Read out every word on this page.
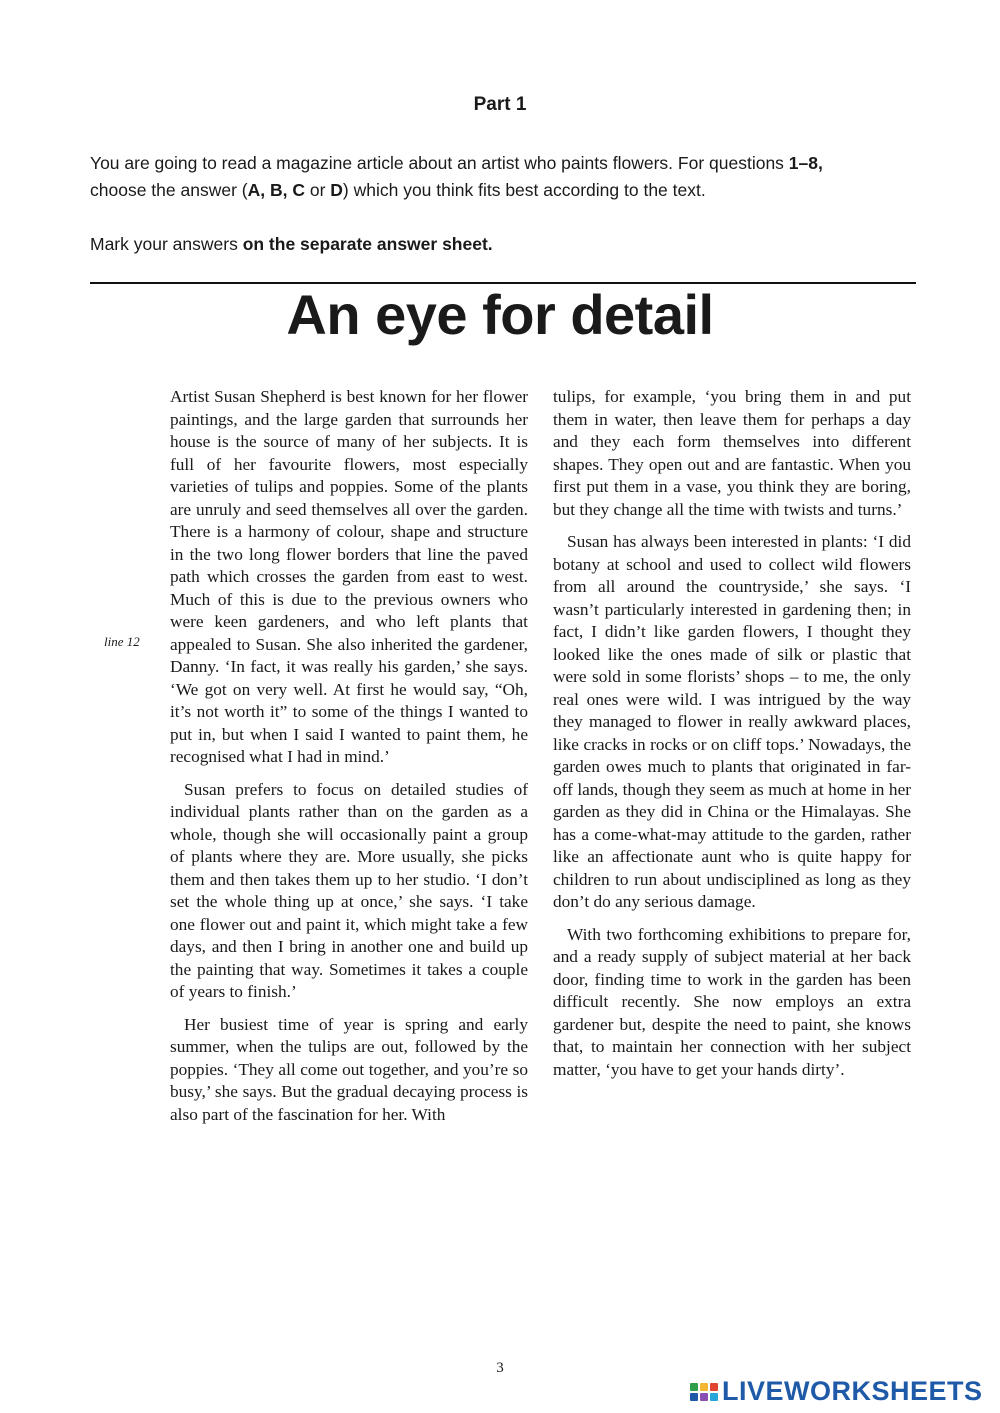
Part 1

You are going to read a magazine article about an artist who paints flowers. For questions 1–8,

choose the answer (A, B, C or D) which you think fits best according to the text.

Mark your answers on the separate answer sheet.
An eye for detail
line 12

Artist Susan Shepherd is best known for her flower paintings, and the large garden that surrounds her house is the source of many of her subjects. It is full of her favourite flowers, most especially varieties of tulips and poppies. Some of the plants are unruly and seed themselves all over the garden. There is a harmony of colour, shape and structure in the two long flower borders that line the paved path which crosses the garden from east to west. Much of this is due to the previous owners who were keen gardeners, and who left plants that appealed to Susan. She also inherited the gardener, Danny. ‘In fact, it was really his garden,’ she says. ‘We got on very well. At first he would say, “Oh, it’s not worth it” to some of the things I wanted to put in, but when I said I wanted to paint them, he recognised what I had in mind.’

Susan prefers to focus on detailed studies of individual plants rather than on the garden as a whole, though she will occasionally paint a group of plants where they are. More usually, she picks them and then takes them up to her studio. ‘I don’t set the whole thing up at once,’ she says. ‘I take one flower out and paint it, which might take a few days, and then I bring in another one and build up the painting that way. Sometimes it takes a couple of years to finish.’

Her busiest time of year is spring and early summer, when the tulips are out, followed by the poppies. ‘They all come out together, and you’re so busy,’ she says. But the gradual decaying process is also part of the fascination for her. With

tulips, for example, ‘you bring them in and put them in water, then leave them for perhaps a day and they each form themselves into different shapes. They open out and are fantastic. When you first put them in a vase, you think they are boring, but they change all the time with twists and turns.’

Susan has always been interested in plants: ‘I did botany at school and used to collect wild flowers from all around the countryside,’ she says. ‘I wasn’t particularly interested in gardening then; in fact, I didn’t like garden flowers, I thought they looked like the ones made of silk or plastic that were sold in some florists’ shops – to me, the only real ones were wild. I was intrigued by the way they managed to flower in really awkward places, like cracks in rocks or on cliff tops.’ Nowadays, the garden owes much to plants that originated in far-off lands, though they seem as much at home in her garden as they did in China or the Himalayas. She has a come-what-may attitude to the garden, rather like an affectionate aunt who is quite happy for children to run about undisciplined as long as they don’t do any serious damage.

With two forthcoming exhibitions to prepare for, and a ready supply of subject material at her back door, finding time to work in the garden has been difficult recently. She now employs an extra gardener but, despite the need to paint, she knows that, to maintain her connection with her subject matter, ‘you have to get your hands dirty’.

3
LIVEWORKSHEETS
